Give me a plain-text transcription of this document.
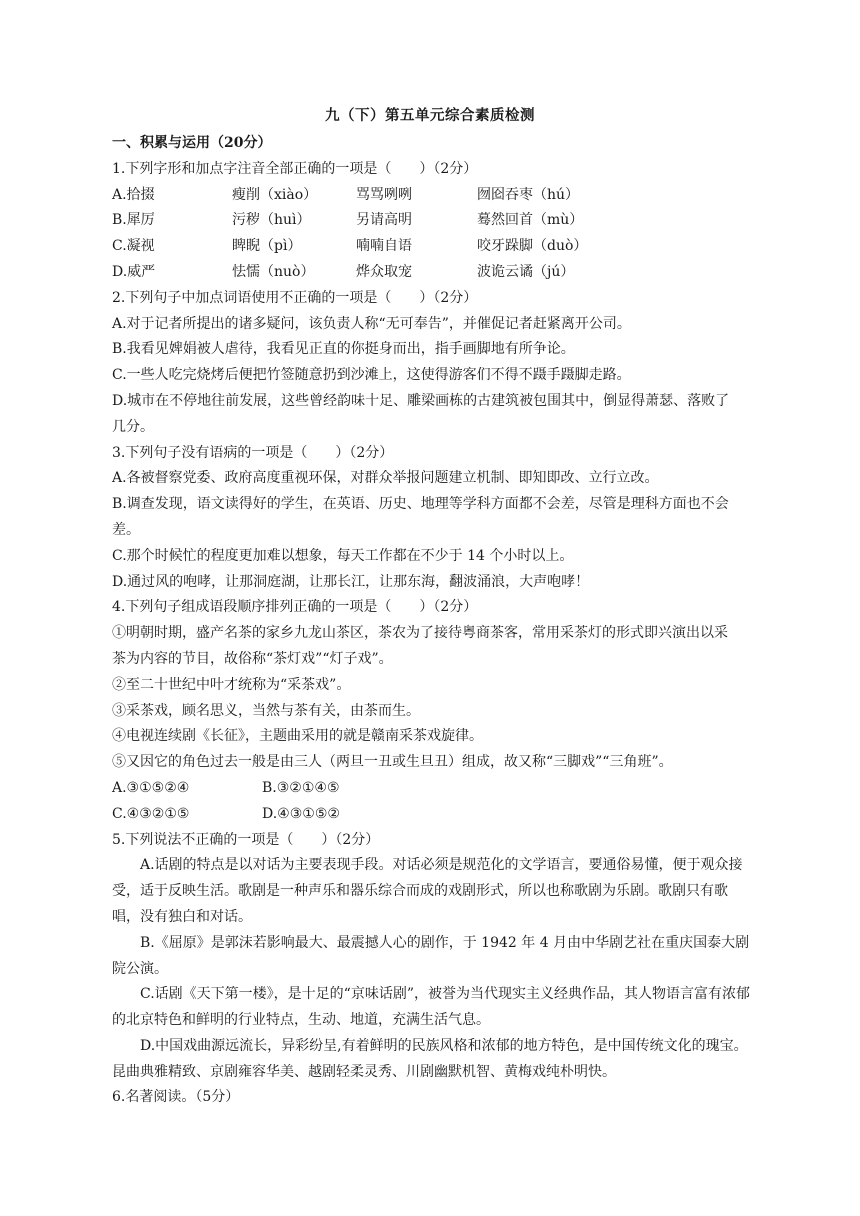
九（下）第五单元综合素质检测
一、积累与运用（20分）
1.下列字形和加点字注音全部正确的一项是（　　）（2分）
A.拾掇	瘦削（xiào）	骂骂咧咧	囫囵吞枣（hú）
B.犀厉	污秽（huì）	另请高明	蓦然回首（mù）
C.凝视	睥睨（pì）	喃喃自语	咬牙跺脚（duò）
D.威严	怯懦（nuò）	烨众取宠	波诡云谲（jú）
2.下列句子中加点词语使用不正确的一项是（　　）（2分）
A.对于记者所提出的诸多疑问，该负责人称“无可奉告”，并催促记者赶紧离开公司。
B.我看见婢娟被人虐待，我看见正直的你挺身而出，指手画脚地有所争论。
C.一些人吃完烧烤后便把竹签随意扔到沙滩上，这使得游客们不得不蹑手蹑脚走路。
D.城市在不停地往前发展，这些曾经韵味十足、雕梁画栋的古建筑被包围其中，倒显得萧瑟、落败了
几分。
3.下列句子没有语病的一项是（　　）（2分）
A.各被督察党委、政府高度重视环保，对群众举报问题建立机制、即知即改、立行立改。
B.调查发现，语文读得好的学生，在英语、历史、地理等学科方面都不会差，尽管是理科方面也不会
差。
C.那个时候忙的程度更加难以想象，每天工作都在不少于 14 个小时以上。
D.通过风的咆哮，让那洞庭湖，让那长江，让那东海，翻波涌浪，大声咆哮！
4.下列句子组成语段顺序排列正确的一项是（　　）（2分）
①明朝时期，盛产名茶的家乡九龙山茶区，茶农为了接待粤商茶客，常用采茶灯的形式即兴演出以采
茶为内容的节目，故俗称“茶灯戏”“灯子戏”。
②至二十世纪中叶才统称为“采茶戏”。
③采茶戏，顾名思义，当然与茶有关，由茶而生。
④电视连续剧《长征》，主题曲采用的就是赣南采茶戏旋律。
⑤又因它的角色过去一般是由三人（两旦一丑或生旦丑）组成，故又称“三脚戏”“三角班”。
A.③①⑤②④	B.③②①④⑤
C.④③②①⑤	D.④③①⑤②
5.下列说法不正确的一项是（　　）（2分）
A.话剧的特点是以对话为主要表现手段。对话必须是规范化的文学语言，要通俗易懂，便于观众接受，适于反映生活。歌剧是一种声乐和器乐综合而成的戏剧形式，所以也称歌剧为乐剧。歌剧只有歌唱，没有独白和对话。
B.《屈原》是郭沫若影响最大、最震撼人心的剧作，于 1942 年 4 月由中华剧艺社在重庆国泰大剧院公演。
C.话剧《天下第一楼》，是十足的“京味话剧”，被誉为当代现实主义经典作品，其人物语言富有浓郁的北京特色和鲜明的行业特点，生动、地道，充满生活气息。
D.中国戏曲源远流长，异彩纷呈,有着鲜明的民族风格和浓郁的地方特色，是中国传统文化的瑰宝。昆曲典雅精致、京剧雍容华美、越剧轻柔灵秀、川剧幽默机智、黄梅戏纯朴明快。
6.名著阅读。（5分）
